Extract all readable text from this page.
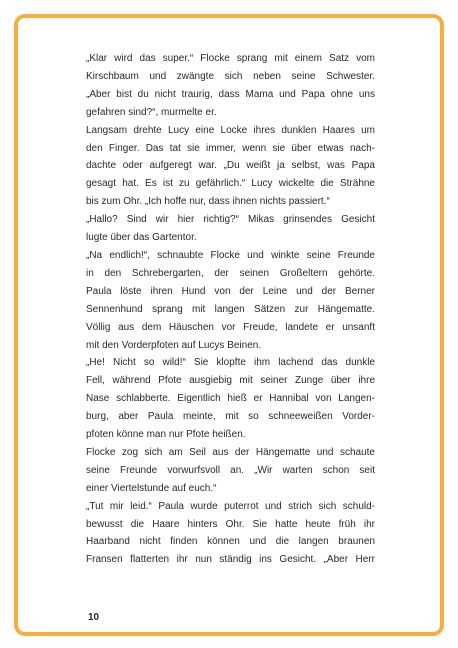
„Klar wird das super.“ Flocke sprang mit einem Satz vom
Kirschbaum und zwängte sich neben seine Schwester.
„Aber bist du nicht traurig, dass Mama und Papa ohne uns
gefahren sind?“, murmelte er.

Langsam drehte Lucy eine Locke ihres dunklen Haares um
den Finger. Das tat sie immer, wenn sie über etwas nach-
dachte oder aufgeregt war. „Du weißt ja selbst, was Papa
gesagt hat. Es ist zu gefährlich.“ Lucy wickelte die Strähne
bis zum Ohr. „Ich hoffe nur, dass ihnen nichts passiert.“

„Hallo? Sind wir hier richtig?“ Mikas grinsendes Gesicht
lugte über das Gartentor.

„Na endlich!“, schnaubte Flocke und winkte seine Freunde
in den Schrebergarten, der seinen Großeltern gehörte.
Paula löste ihren Hund von der Leine und der Berner
Sennenhund sprang mit langen Sätzen zur Hängematte.
Völlig aus dem Häuschen vor Freude, landete er unsanft
mit den Vorderpfoten auf Lucys Beinen.

„He! Nicht so wild!“ Sie klopfte ihm lachend das dunkle
Fell, während Pfote ausgiebig mit seiner Zunge über ihre
Nase schlabberte. Eigentlich hieß er Hannibal von Langen-
burg, aber Paula meinte, mit so schneeweißen Vorder-
pfoten könne man nur Pfote heißen.

Flocke zog sich am Seil aus der Hängematte und schaute
seine Freunde vorwurfsvoll an. „Wir warten schon seit
einer Viertelstunde auf euch.“

„Tut mir leid.“ Paula wurde puterrot und strich sich schuld-
bewusst die Haare hinters Ohr. Sie hatte heute früh ihr
Haarband nicht finden können und die langen braunen
Fransen flatterten ihr nun ständig ins Gesicht. „Aber Herr

10
